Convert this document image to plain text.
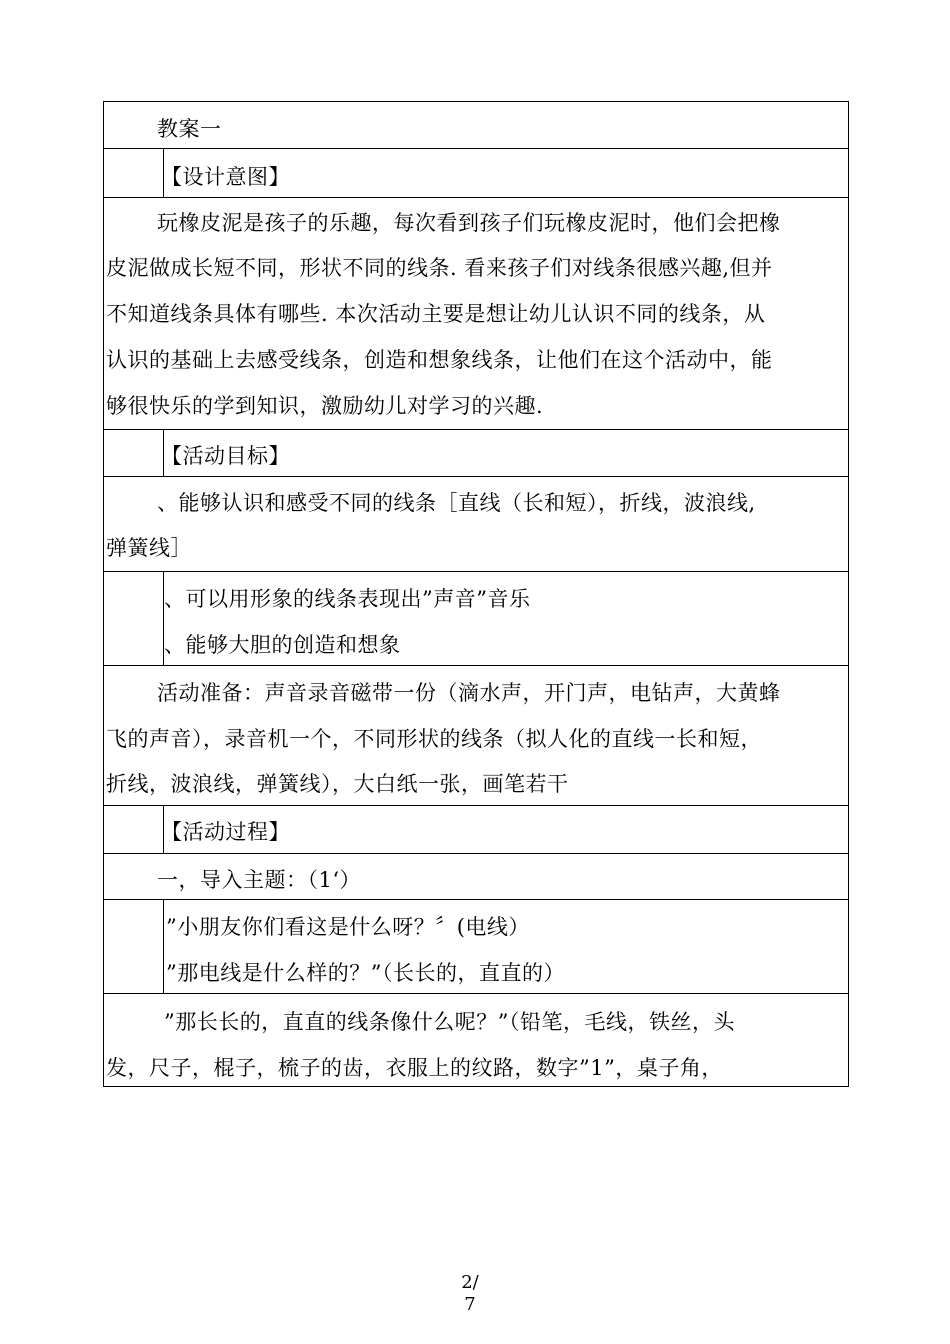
教案一
【设计意图】
玩橡皮泥是孩子的乐趣，每次看到孩子们玩橡皮泥时，他们会把橡
皮泥做成长短不同，形状不同的线条. 看来孩子们对线条很感兴趣,但并
不知道线条具体有哪些. 本次活动主要是想让幼儿认识不同的线条，从
认识的基础上去感受线条，创造和想象线条，让他们在这个活动中，能
够很快乐的学到知识，激励幼儿对学习的兴趣.
【活动目标】
、能够认识和感受不同的线条［直线（长和短），折线，波浪线,
弹簧线］
、可以用形象的线条表现出”声音”音乐
、能够大胆的创造和想象
活动准备：声音录音磁带一份（滴水声，开门声，电钻声，大黄蜂
飞的声音），录音机一个，不同形状的线条（拟人化的直线一长和短，
折线，波浪线，弹簧线），大白纸一张，画笔若干
【活动过程】
一，导入主题：（1‘）
”小朋友你们看这是什么呀？〞(电线）
”那电线是什么样的？”（长长的，直直的）
”那长长的，直直的线条像什么呢？”（铅笔，毛线，铁丝，头
发，尺子，棍子，梳子的齿，衣服上的纹路，数字”1”，桌子角，
2/
7
